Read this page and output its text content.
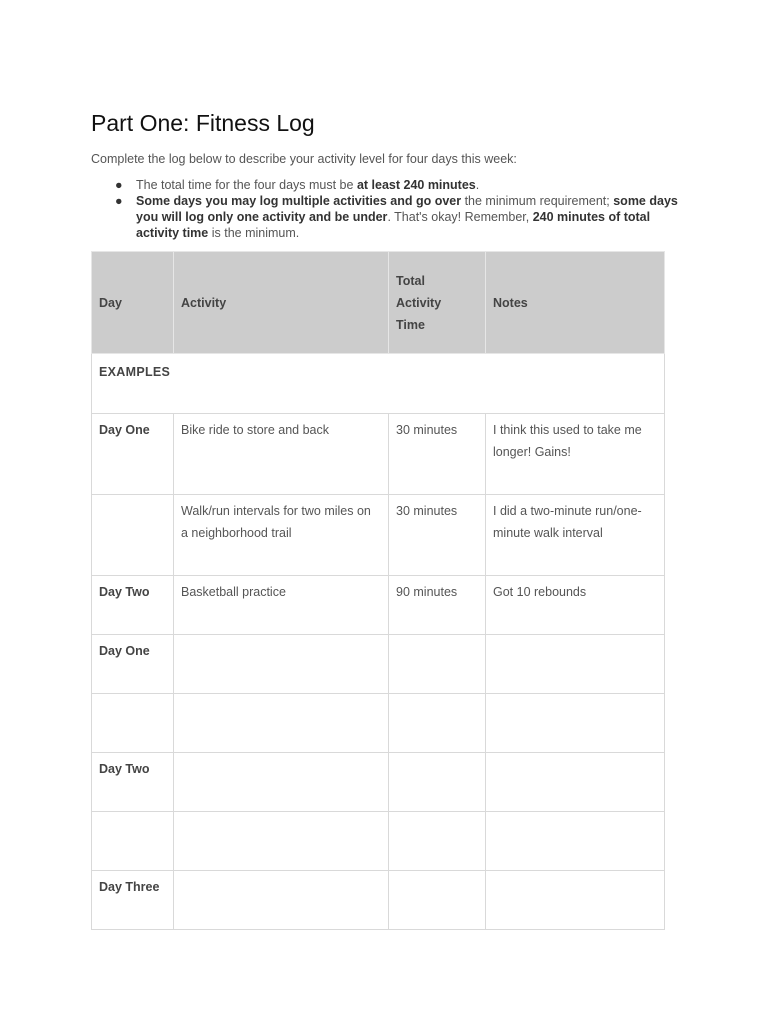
Part One: Fitness Log

Complete the log below to describe your activity level for four days this week:

● The total time for the four days must be at least 240 minutes.
● Some days you may log multiple activities and go over the minimum requirement; some days you will log only one activity and be under. That's okay! Remember, 240 minutes of total activity time is the minimum.
Day	Activity	Total Activity Time	Notes
EXAMPLES			
Day One	Bike ride to store and back	30 minutes	I think this used to take me longer! Gains!
	Walk/run intervals for two miles on a neighborhood trail	30 minutes	I did a two-minute run/one-minute walk interval
Day Two	Basketball practice	90 minutes	Got 10 rebounds
Day One			

Day Two			

Day Three			
